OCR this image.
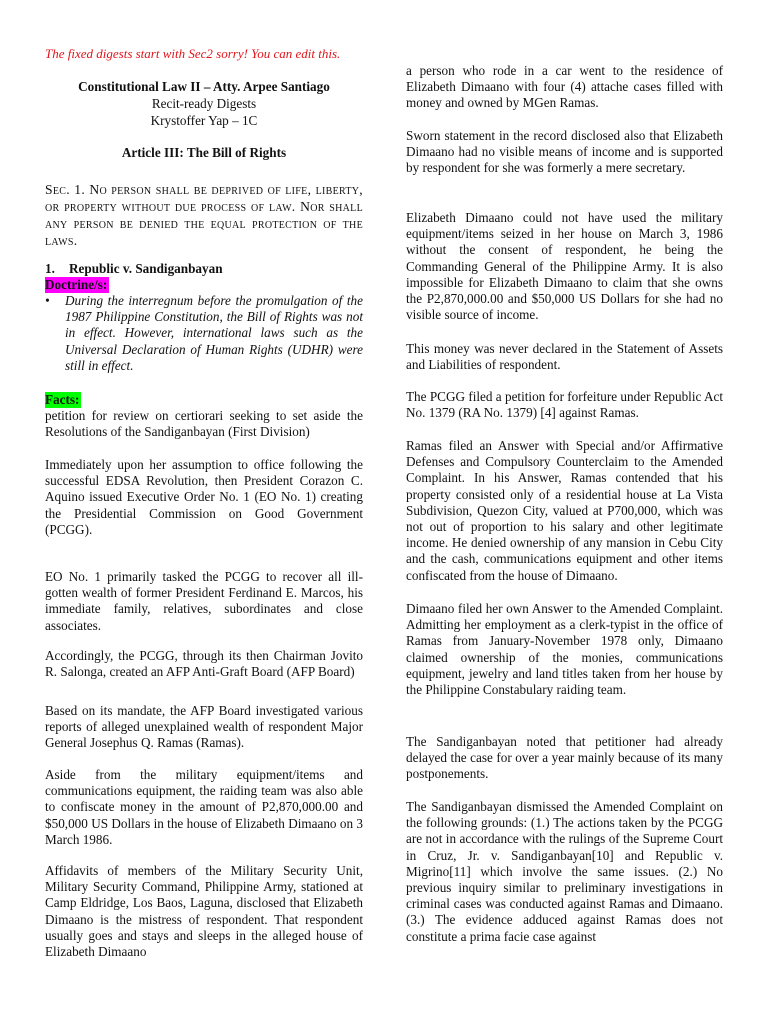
The fixed digests start with Sec2 sorry! You can edit this.
Constitutional Law II – Atty. Arpee Santiago
Recit-ready Digests
Krystoffer Yap – 1C
Article III: The Bill of Rights
Sec. 1. No person shall be deprived of life, liberty, or property without due process of law. Nor shall any person be denied the equal protection of the laws.
1. Republic v. Sandiganbayan
Doctrine/s:
•	During the interregnum before the promulgation of the 1987 Philippine Constitution, the Bill of Rights was not in effect. However, international laws such as the Universal Declaration of Human Rights (UDHR) were still in effect.

Facts:

petition for review on certiorari seeking to set aside the Resolutions of the Sandiganbayan (First Division)

Immediately upon her assumption to office following the successful EDSA Revolution, then President Corazon C. Aquino issued Executive Order No. 1 (EO No. 1) creating the Presidential Commission on Good Government (PCGG).

EO No. 1 primarily tasked the PCGG to recover all ill-gotten wealth of former President Ferdinand E. Marcos, his immediate family, relatives, subordinates and close associates.

Accordingly, the PCGG, through its then Chairman Jovito R. Salonga, created an AFP Anti-Graft Board (AFP Board)

Based on its mandate, the AFP Board investigated various reports of alleged unexplained wealth of respondent Major General Josephus Q. Ramas (Ramas).

Aside from the military equipment/items and communications equipment, the raiding team was also able to confiscate money in the amount of P2,870,000.00 and $50,000 US Dollars in the house of Elizabeth Dimaano on 3 March 1986.

Affidavits of members of the Military Security Unit, Military Security Command, Philippine Army, stationed at Camp Eldridge, Los Baos, Laguna, disclosed that Elizabeth Dimaano is the mistress of respondent. That respondent usually goes and stays and sleeps in the alleged house of Elizabeth Dimaano

a person who rode in a car went to the residence of Elizabeth Dimaano with four (4) attache cases filled with money and owned by MGen Ramas.

Sworn statement in the record disclosed also that Elizabeth Dimaano had no visible means of income and is supported by respondent for she was formerly a mere secretary.

Elizabeth Dimaano could not have used the military equipment/items seized in her house on March 3, 1986 without the consent of respondent, he being the Commanding General of the Philippine Army. It is also impossible for Elizabeth Dimaano to claim that she owns the P2,870,000.00 and $50,000 US Dollars for she had no visible source of income.

This money was never declared in the Statement of Assets and Liabilities of respondent.

The PCGG filed a petition for forfeiture under Republic Act No. 1379 (RA No. 1379) [4] against Ramas.

Ramas filed an Answer with Special and/or Affirmative Defenses and Compulsory Counterclaim to the Amended Complaint. In his Answer, Ramas contended that his property consisted only of a residential house at La Vista Subdivision, Quezon City, valued at P700,000, which was not out of proportion to his salary and other legitimate income. He denied ownership of any mansion in Cebu City and the cash, communications equipment and other items confiscated from the house of Dimaano.

Dimaano filed her own Answer to the Amended Complaint. Admitting her employment as a clerk-typist in the office of Ramas from January-November 1978 only, Dimaano claimed ownership of the monies, communications equipment, jewelry and land titles taken from her house by the Philippine Constabulary raiding team.

The Sandiganbayan noted that petitioner had already delayed the case for over a year mainly because of its many postponements.

The Sandiganbayan dismissed the Amended Complaint on the following grounds: (1.) The actions taken by the PCGG are not in accordance with the rulings of the Supreme Court in Cruz, Jr. v. Sandiganbayan[10] and Republic v. Migrino[11] which involve the same issues. (2.) No previous inquiry similar to preliminary investigations in criminal cases was conducted against Ramas and Dimaano. (3.) The evidence adduced against Ramas does not constitute a prima facie case against
